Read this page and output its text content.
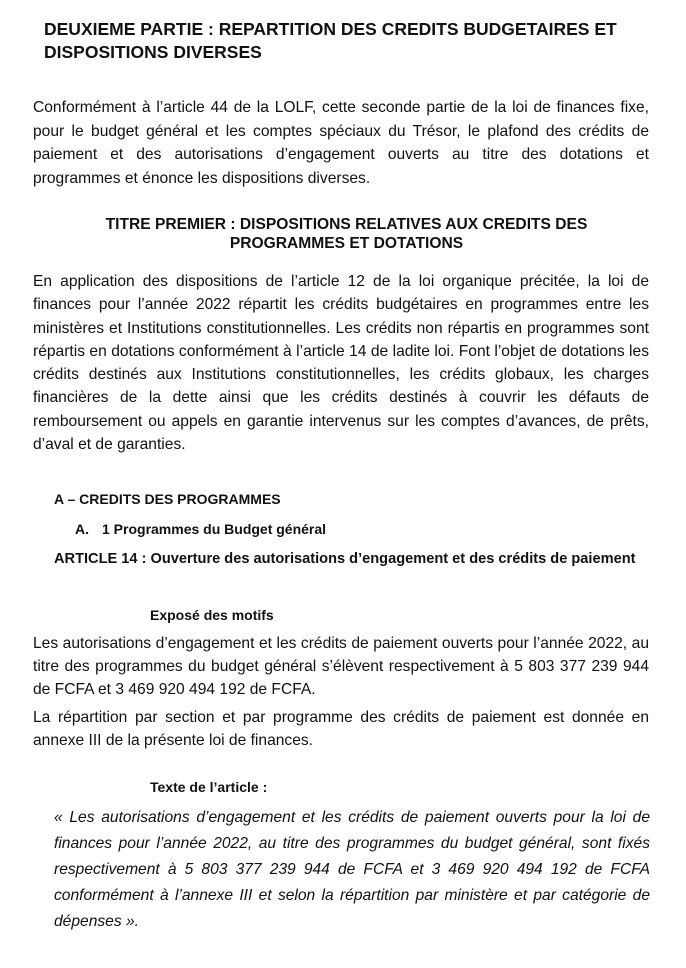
DEUXIEME PARTIE : REPARTITION DES CREDITS BUDGETAIRES ET DISPOSITIONS DIVERSES

Conformément à l’article 44 de la LOLF, cette seconde partie de la loi de finances fixe, pour le budget général et les comptes spéciaux du Trésor, le plafond des crédits de paiement et des autorisations d’engagement ouverts au titre des dotations et programmes et énonce les dispositions diverses.

TITRE PREMIER : DISPOSITIONS RELATIVES AUX CREDITS DES PROGRAMMES ET DOTATIONS

En application des dispositions de l’article 12 de la loi organique précitée, la loi de finances pour l’année 2022 répartit les crédits budgétaires en programmes entre les ministères et Institutions constitutionnelles. Les crédits non répartis en programmes sont répartis en dotations conformément à l’article 14 de ladite loi. Font l’objet de dotations les crédits destinés aux Institutions constitutionnelles, les crédits globaux, les charges financières de la dette ainsi que les crédits destinés à couvrir les défauts de remboursement ou appels en garantie intervenus sur les comptes d’avances, de prêts, d’aval et de garanties.

A – CREDITS DES PROGRAMMES
A. 1 Programmes du Budget général
ARTICLE 14 : Ouverture des autorisations d’engagement et des crédits de paiement
Exposé des motifs

Les autorisations d’engagement et les crédits de paiement ouverts pour l’année 2022, au titre des programmes du budget général s’élèvent respectivement à 5 803 377 239 944 de FCFA et 3 469 920 494 192 de FCFA.

La répartition par section et par programme des crédits de paiement est donnée en annexe III de la présente loi de finances.

Texte de l’article :

« Les autorisations d’engagement et les crédits de paiement ouverts pour la loi de finances pour l’année 2022, au titre des programmes du budget général, sont fixés respectivement à 5 803 377 239 944 de FCFA et 3 469 920 494 192 de FCFA conformément à l’annexe III et selon la répartition par ministère et par catégorie de dépenses ».
